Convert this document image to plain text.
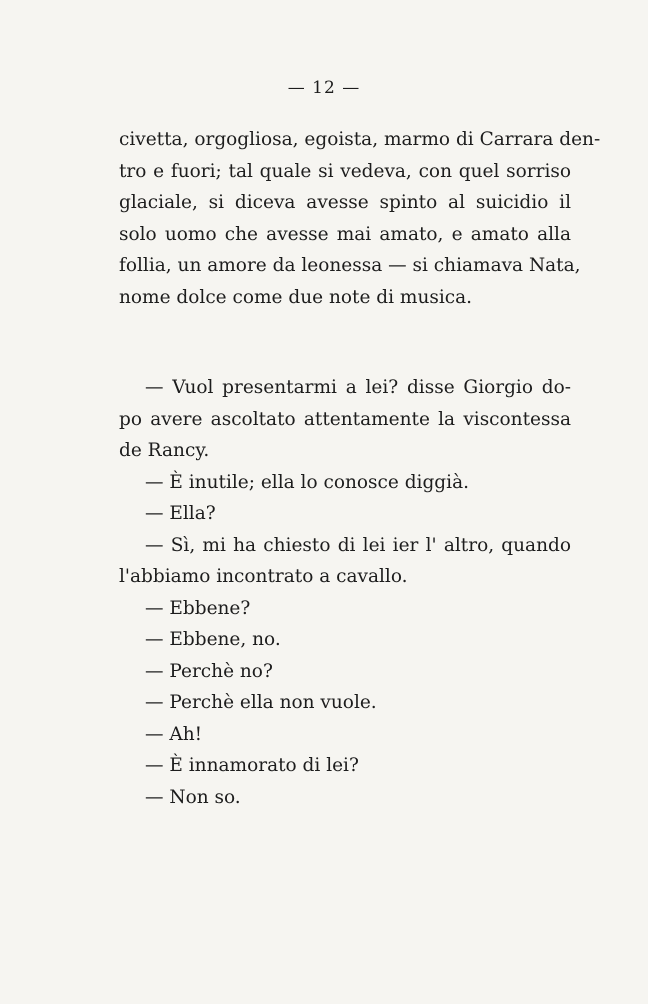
— 12 —
civetta, orgogliosa, egoista, marmo di Carrara den-
tro e fuori; tal quale si vedeva, con quel sorriso
glaciale, si diceva avesse spinto al suicidio il
solo uomo che avesse mai amato, e amato alla
follia, un amore da leonessa — si chiamava Nata,
nome dolce come due note di musica.
— Vuol presentarmi a lei? disse Giorgio do-
po avere ascoltato attentamente la viscontessa
de Rancy.
— È inutile; ella lo conosce diggià.
— Ella?
— Sì, mi ha chiesto di lei ier l' altro, quando
l'abbiamo incontrato a cavallo.
— Ebbene?
— Ebbene, no.
— Perchè no?
— Perchè ella non vuole.
— Ah!
— È innamorato di lei?
— Non so.
